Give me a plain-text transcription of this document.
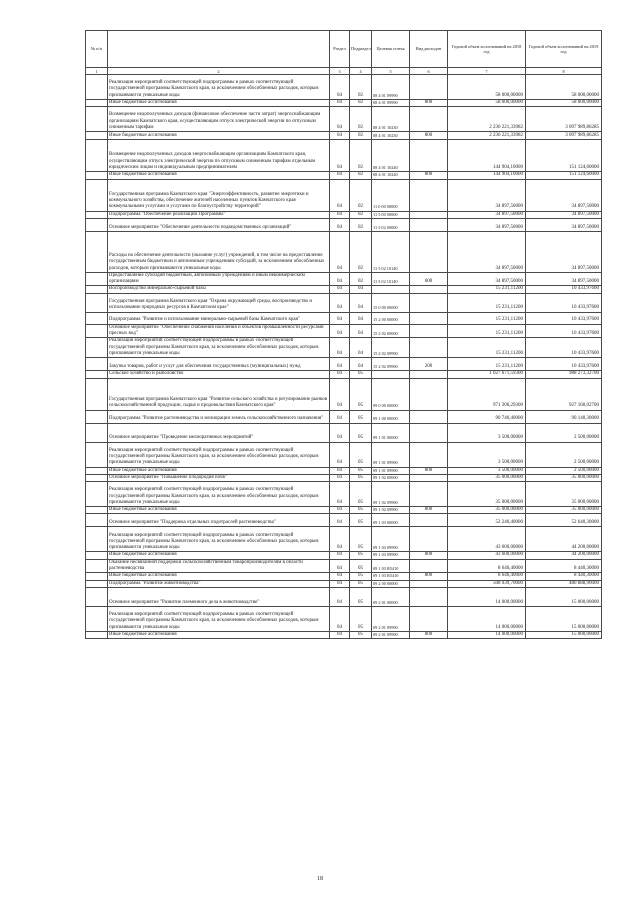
№ п/п		Раздел	Подраздел	Целевая статья	Вид расходов	Годовой объем ассигнований на 2018 год	Годовой объем ассигнований на 2019 год
1	2	3	4	5	6	7	8
	Реализация мероприятий соответствующей подпрограммы в рамках соответствующей государственной программы Камчатского края, за исключением обособленных расходов, которым присваиваются уникальные коды	04	02	08 4 01 09990		58 000,00000	58 000,00000
	Иные бюджетные ассигнования	04	02	08 4 01 09990	800	58 000,00000	58 000,00000
	Возмещение недополученных доходов (финансовое обеспечение части затрат) энергоснабжающим организациям Камчатского края, осуществляющим отпуск электрической энергии по отпускным сниженным тарифам	04	02	08 4 01 10230		2 236 221,33982	3 097 989,86285
	Иные бюджетные ассигнования	04	02	08 4 01 10230	800	2 236 221,33982	3 097 989,86285
	Возмещение недополученных доходов энергоснабжающим организациям Камчатского края, осуществляющим отпуск электрической энергии по отпускным сниженным тарифам отдельным юридическим лицам и индивидуальным предпринимателям	04	02	08 4 01 10240		144 904,10000	151 124,60000
	Иные бюджетные ассигнования	04	02	08 4 01 10240	800	144 904,10000	151 124,60000
	Государственная программа Камчатского края "Энергоэффективность, развитие энергетики и коммунального хозяйства, обеспечение жителей населенных пунктов Камчатского края коммунальными услугами и услугами по благоустройству территорий"	04	02	11 0 00 00000		34 897,50000	34 897,50000
	Подпрограмма "Обеспечение реализации Программы"	04	02	11 5 00 00000		34 897,50000	34 897,50000
	Основное мероприятие "Обеспечение деятельности подведомственных организаций"	04	02	11 5 02 00000		34 897,50000	34 897,50000
	Расходы на обеспечение деятельности (оказание услуг) учреждений, в том числе на предоставление государственным бюджетным и автономным учреждениям субсидий, за исключением обособленных расходов, которым присваиваются уникальные коды	04	02	11 5 02 10140		34 897,50000	34 897,50000
	Предоставление субсидий бюджетным, автономным учреждениям и иным некоммерческим организациям	04	02	11 5 02 10140	600	34 897,50000	34 897,50000
	Воспроизводство минерально-сырьевой базы	04	04			15 231,11200	10 433,97600
	Государственная программа Камчатского края "Охрана окружающей среды, воспроизводство и использование природных ресурсов в Камчатском крае"	04	04	15 0 00 00000		15 231,11200	10 433,97600
	Подпрограмма "Развитие и использование минерально-сырьевой базы Камчатского края"	04	04	15 2 00 00000		15 231,11200	10 433,97600
	Основное мероприятие "Обеспечение снабжения населения и объектов промышленности ресурсами пресных вод"	04	04	15 2 02 00000		15 231,11200	10 433,97600
	Реализация мероприятий соответствующей подпрограммы в рамках соответствующей государственной программы Камчатского края, за исключением обособленных расходов, которым присваиваются уникальные коды	04	04	15 2 02 09990		15 231,11200	10 433,97600
	Закупка товаров, работ и услуг для обеспечения государственных (муниципальных) нужд	04	04	15 2 02 09990	200	15 231,11200	10 433,97600
	Сельское хозяйство и рыболовство	04	05			1 027 671,59300	988 273,32700
	Государственная программа Камчатского края "Развитие сельского хозяйства и регулирование рынков сельскохозяйственной продукции, сырья и продовольствия Камчатского края"	04	05	09 0 00 00000		971 306,29300	927 160,02700
	Подпрограмма "Развитие растениеводства и мелиорации земель сельскохозяйственного назначения"	04	05	09 1 00 00000		90 746,40000	90 140,30000
	Основное мероприятие "Проведение мелиоративных мероприятий"	04	05	09 1 01 00000		3 500,00000	2 500,00000
	Реализация мероприятий соответствующей подпрограммы в рамках соответствующей государственной программы Камчатского края, за исключением обособленных расходов, которым присваиваются уникальные коды	04	05	09 1 01 09990		3 500,00000	2 500,00000
	Иные бюджетные ассигнования	04	05	09 1 01 09990	800	3 500,00000	2 500,00000
	Основное мероприятие "Повышение плодородия почв"	04	05	09 1 02 00000		35 000,00000	35 000,00000
	Реализация мероприятий соответствующей подпрограммы в рамках соответствующей государственной программы Камчатского края, за исключением обособленных расходов, которым присваиваются уникальные коды	04	05	09 1 02 09990		35 000,00000	35 000,00000
	Иные бюджетные ассигнования	04	05	09 1 02 09990	800	35 000,00000	35 000,00000
	Основное мероприятие "Поддержка отдельных подотраслей растениеводства"	04	05	09 1 03 00000		52 246,40000	52 640,30000
	Реализация мероприятий соответствующей подпрограммы в рамках соответствующей государственной программы Камчатского края, за исключением обособленных расходов, которым присваиваются уникальные коды	04	05	09 1 03 09990		43 600,00000	44 200,00000
	Иные бюджетные ассигнования	04	05	09 1 03 09990	800	43 600,00000	44 200,00000
	Оказание несвязанной поддержки сельскохозяйственным товаропроизводителям в области растениеводства	04	05	09 1 03 R5410		8 646,40000	8 440,30000
	Иные бюджетные ассигнования	04	05	09 1 03 R5410	800	8 646,40000	8 440,30000
	Подпрограмма "Развитие животноводства"	04	05	09 2 00 00000		508 039,70000	480 888,90000
	Основное мероприятие "Развитие племенного дела в животноводстве"	04	05	09 2 01 00000		14 000,00000	15 000,00000
	Реализация мероприятий соответствующей подпрограммы в рамках соответствующей государственной программы Камчатского края, за исключением обособленных расходов, которым присваиваются уникальные коды	04	05	09 2 01 09990		14 000,00000	15 000,00000
	Иные бюджетные ассигнования	04	05	09 2 01 09990	800	14 000,00000	15 000,00000
18
